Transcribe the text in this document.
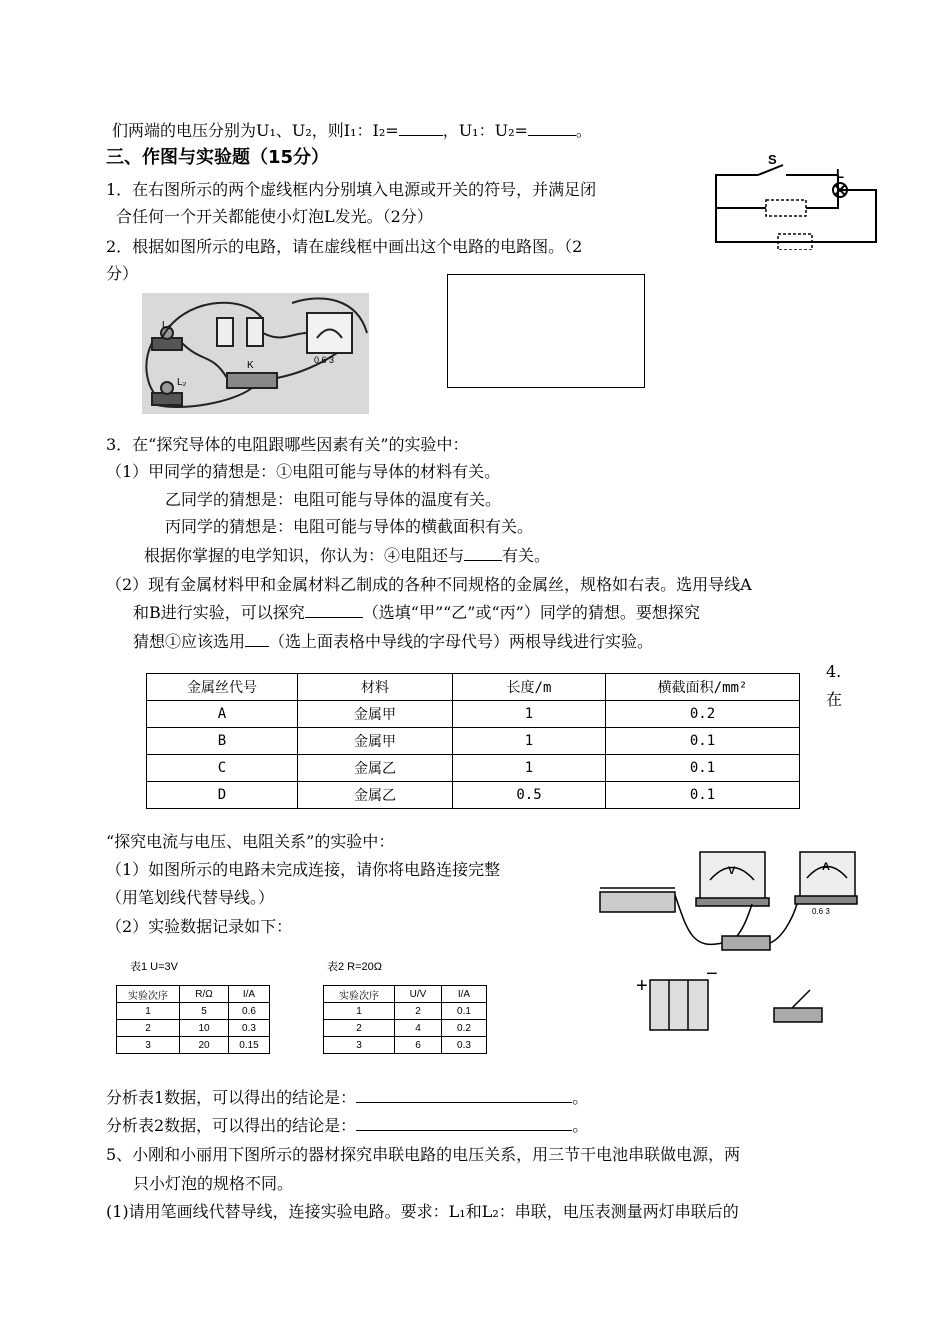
们两端的电压分别为U₁、U₂，则I₁：I₂=	，U₁：U₂=	。
三、作图与实验题（15分）
1．在右图所示的两个虚线框内分别填入电源或开关的符号，并满足闭
合任何一个开关都能使小灯泡L发光。（2分）
S
L
2．根据如图所示的电路，请在虚线框中画出这个电路的电路图。（2
分）
L₁
L₂
K	0.6 3
3．在“探究导体的电阻跟哪些因素有关”的实验中：
（1）甲同学的猜想是：①电阻可能与导体的材料有关。
乙同学的猜想是：电阻可能与导体的温度有关。
丙同学的猜想是：电阻可能与导体的横截面积有关。
根据你掌握的电学知识，你认为：④电阻还与 有关。
（2）现有金属材料甲和金属材料乙制成的各种不同规格的金属丝，规格如右表。选用导线A
和B进行实验，可以探究	（选填“甲”“乙”或“丙”）同学的猜想。要想探究
猜想①应该选用 （选上面表格中导线的字母代号）两根导线进行实验。
4.
在
金属丝代号	材料	长度/m	横截面积/mm²
A	金属甲	1	0.2
B	金属甲	1	0.1
C	金属乙	1	0.1
D	金属乙	0.5	0.1
“探究电流与电压、电阻关系”的实验中：
（1）如图所示的电路未完成连接，请你将电路连接完整
（用笔划线代替导线。）
（2）实验数据记录如下：
+
−
V	A
0.6 3
表1 U=3V
实验次序	R/Ω	I/A
1	5	0.6
2	10	0.3
3	20	0.15
表2 R=20Ω
实验次序	U/V	I/A
1	2	0.1
2	4	0.2
3	6	0.3
分析表1数据，可以得出的结论是：	。
分析表2数据，可以得出的结论是：	。
5、小刚和小丽用下图所示的器材探究串联电路的电压关系，用三节干电池串联做电源，两
只小灯泡的规格不同。
(1)请用笔画线代替导线，连接实验电路。要求：L₁和L₂：串联，电压表测量两灯串联后的
